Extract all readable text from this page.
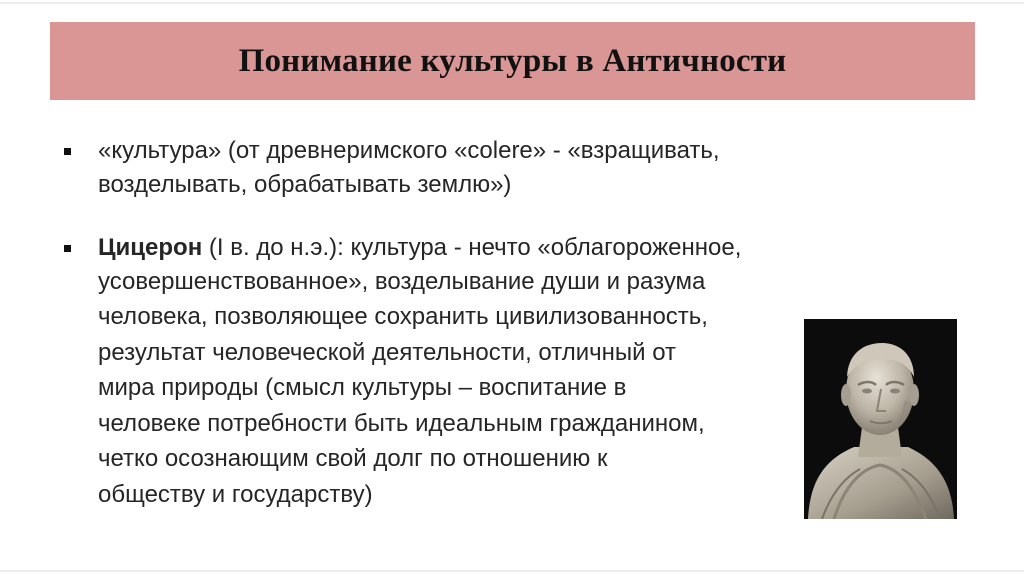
Понимание культуры в Античности
«культура» (от древнеримского «colere» - «взращивать,
возделывать, обрабатывать землю»)
Цицерон (I в. до н.э.): культура - нечто «облагороженное,
усовершенствованное», возделывание души и разума
человека, позволяющее сохранить цивилизованность,
результат человеческой деятельности, отличный от
мира природы (смысл культуры – воспитание в
человеке потребности быть идеальным гражданином,
четко осознающим свой долг по отношению к
обществу и государству)
